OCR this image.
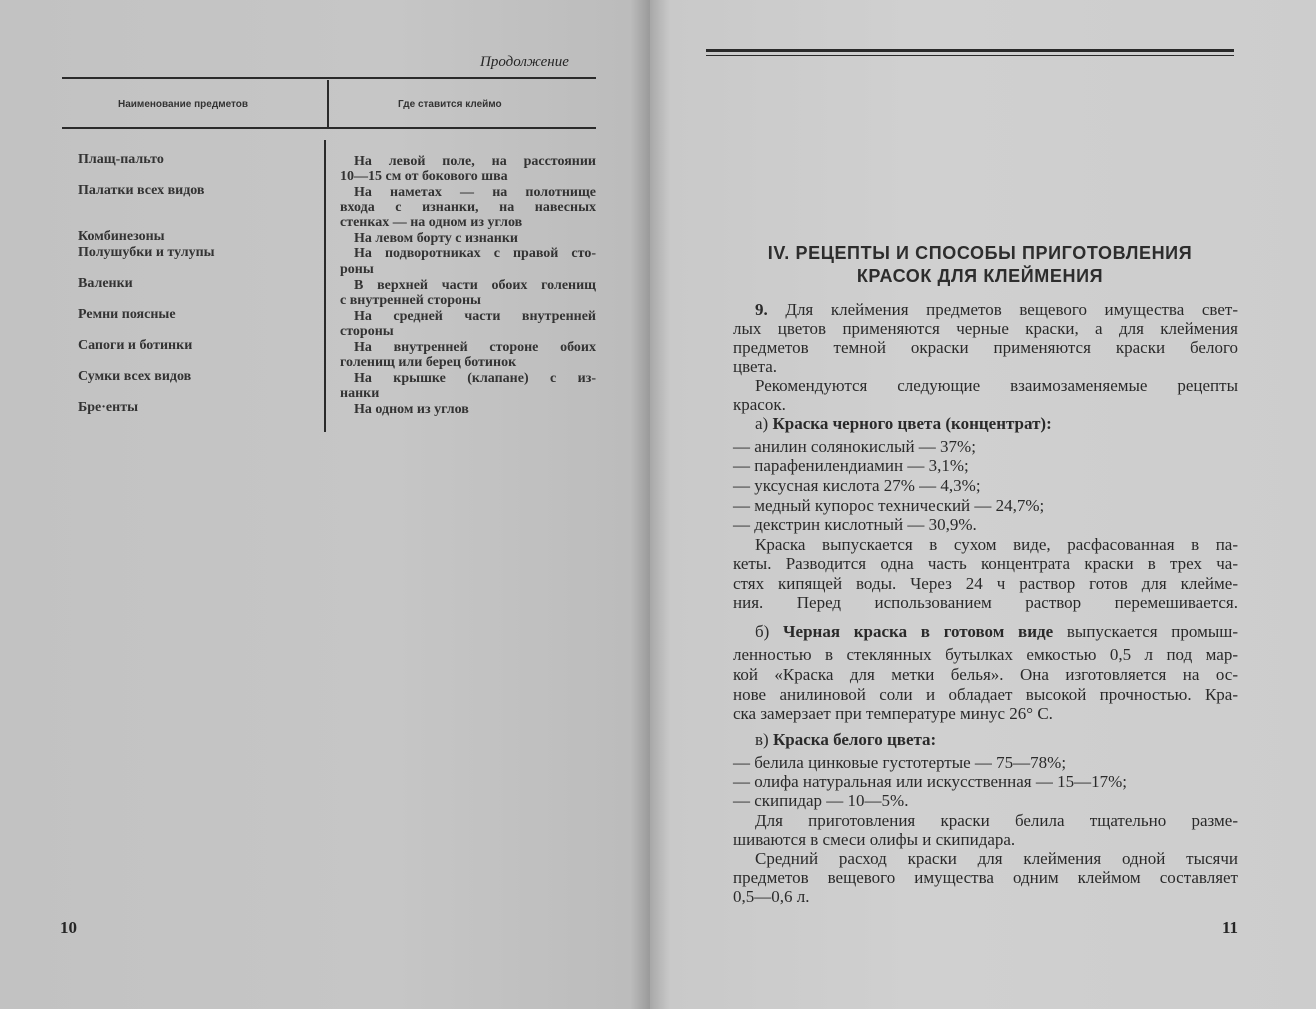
Продолжение
Наименование предметов	Где ставится клеймо
Плащ-пальто	На левой поле, на расстоянии
10—15 см от бокового шва
Палатки всех видов	На наметах — на полотнище
входа с изнанки, на навесных
стенках — на одном из углов
Комбинезоны	На левом борту с изнанки
Полушубки и тулупы	На подворотниках с правой сто-
роны
Валенки	В верхней части обоих голенищ
с внутренней стороны
Ремни поясные	На средней части внутренней
стороны
Сапоги и ботинки	На внутренней стороне обоих
голенищ или берец ботинок
Сумки всех видов	На крышке (клапане) с из-
нанки
Бре·енты	На одном из углов
10
IV. РЕЦЕПТЫ И СПОСОБЫ ПРИГОТОВЛЕНИЯ
КРАСОК ДЛЯ КЛЕЙМЕНИЯ
9. Для клеймения предметов вещевого имущества свет-
лых цветов применяются черные краски, а для клеймения
предметов темной окраски применяются краски белого
цвета.
Рекомендуются следующие взаимозаменяемые рецепты
красок.
а) Краска черного цвета (концентрат):
— анилин солянокислый — 37%;
— парафенилендиамин — 3,1%;
— уксусная кислота 27% — 4,3%;
— медный купорос технический — 24,7%;
— декстрин кислотный — 30,9%.
Краска выпускается в сухом виде, расфасованная в па-
кеты. Разводится одна часть концентрата краски в трех ча-
стях кипящей воды. Через 24 ч раствор готов для клейме-
ния. Перед использованием раствор перемешивается.
б) Черная краска в готовом виде выпускается промыш-
ленностью в стеклянных бутылках емкостью 0,5 л под мар-
кой «Краска для метки белья». Она изготовляется на ос-
нове анилиновой соли и обладает высокой прочностью. Кра-
ска замерзает при температуре минус 26° С.
в) Краска белого цвета:
— белила цинковые густотертые — 75—78%;
— олифа натуральная или искусственная — 15—17%;
— скипидар — 10—5%.
Для приготовления краски белила тщательно разме-
шиваются в смеси олифы и скипидара.
Средний расход краски для клеймения одной тысячи
предметов вещевого имущества одним клеймом составляет
0,5—0,6 л.
11
